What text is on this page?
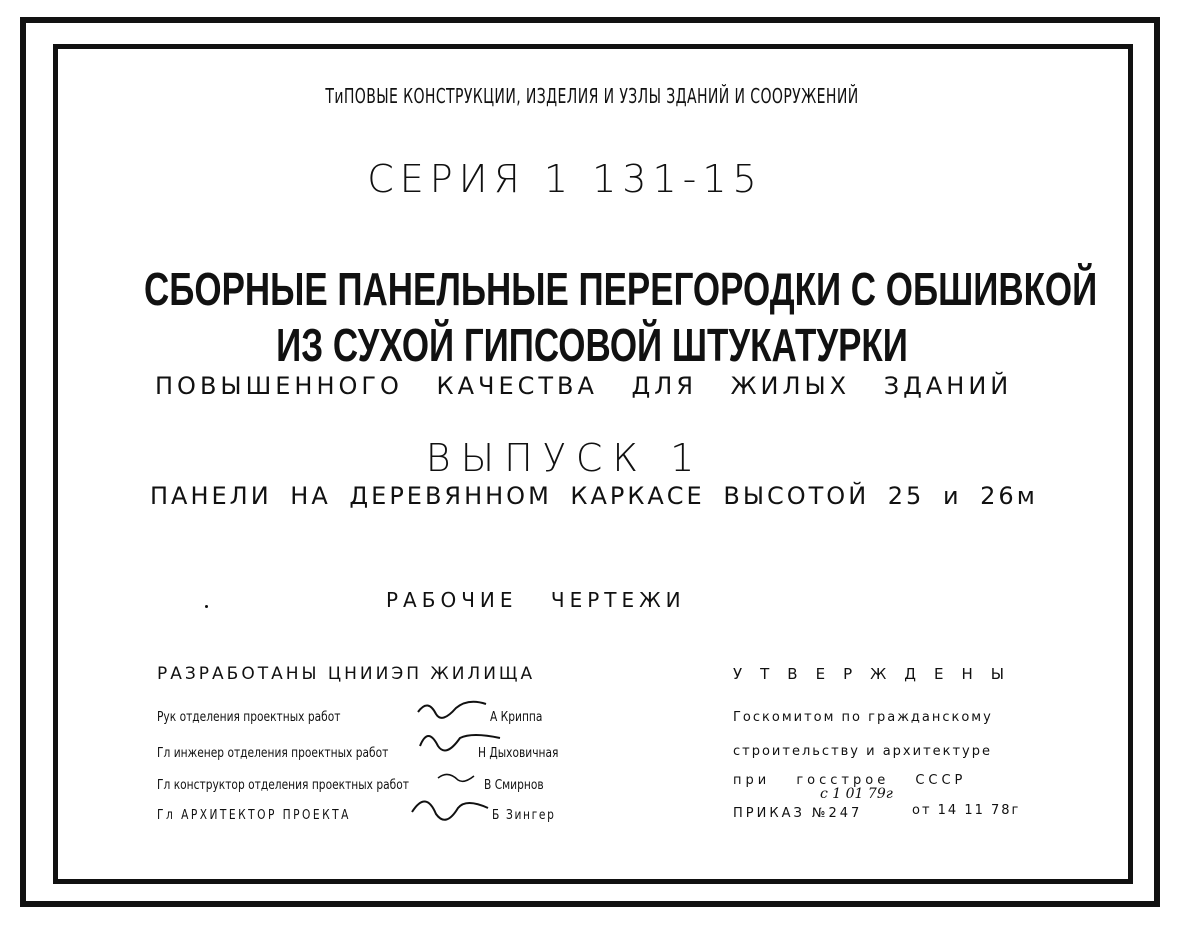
ТиПОВЫЕ КОНСТРУКЦИИ, ИЗДЕЛИЯ И УЗЛЫ ЗДАНИЙ И СООРУЖЕНИЙ
СЕРИЯ 1 131-15
СБОРНЫЕ ПАНЕЛЬНЫЕ ПЕРЕГОРОДКИ С ОБШИВКОЙ
ИЗ СУХОЙ ГИПСОВОЙ ШТУКАТУРКИ
ПОВЫШЕННОГО КАЧЕСТВА ДЛЯ ЖИЛЫХ ЗДАНИЙ
ВЫПУСК 1
ПАНЕЛИ НА ДЕРЕВЯННОМ КАРКАСЕ ВЫСОТОЙ 25 и 26м
РАБОЧИЕ ЧЕРТЕЖИ
РАЗРАБОТАНЫ ЦНИИЭП ЖИЛИЩА
Рук отделения проектных работ	А Криппа
Гл инженер отделения проектных работ	Н Дыховичная
Гл конструктор отделения проектных работ	В Смирнов
Гл АРХИТЕКТОР ПРОЕКТА	Б Зингер
УТВЕРЖДЕНЫ
Госкомитом по гражданскому
строительству и архитектуре
при госстрое СССР
с 1 01 79г
ПРИКАЗ №247	от 14 11 78г
